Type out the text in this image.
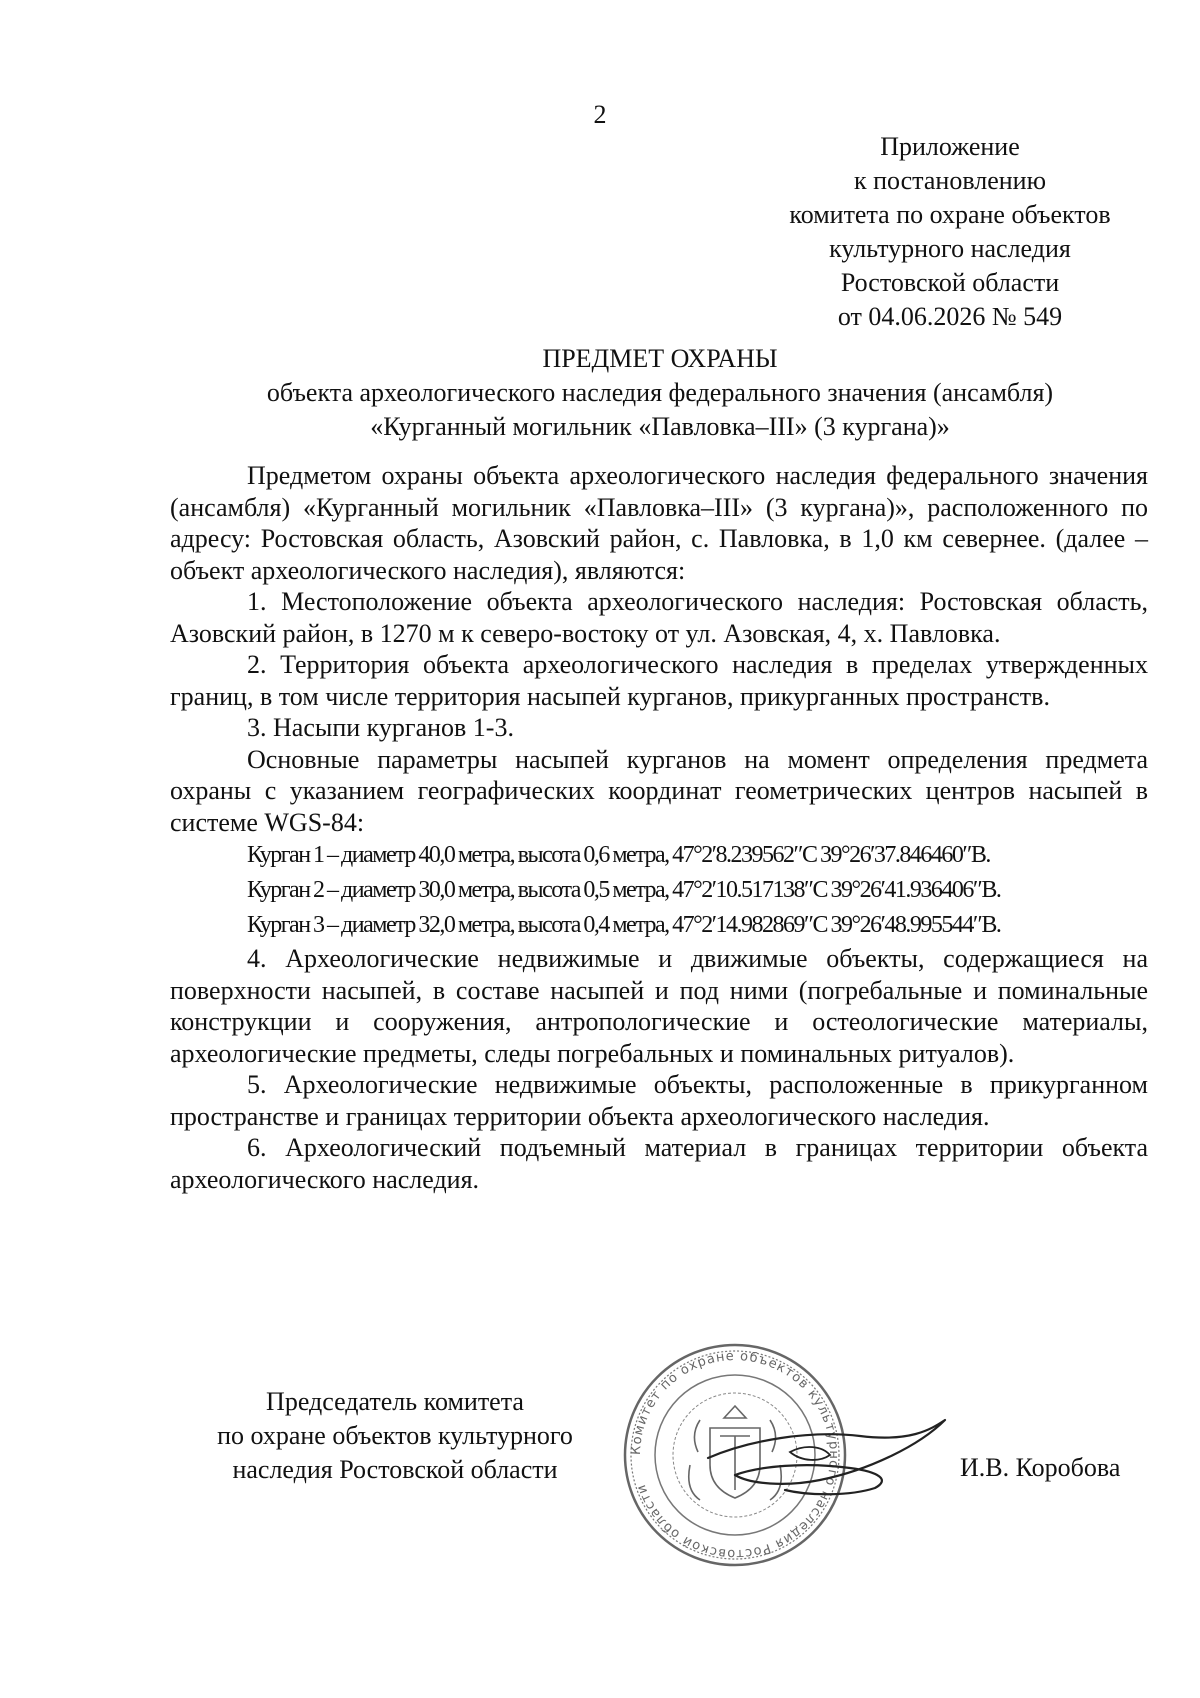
2
Приложение
к постановлению
комитета по охране объектов
культурного наследия
Ростовской области
от 04.06.2026 № 549
ПРЕДМЕТ ОХРАНЫ
объекта археологического наследия федерального значения (ансамбля)
«Курганный могильник «Павловка–III» (3 кургана)»

Предметом охраны объекта археологического наследия федерального значения (ансамбля) «Курганный могильник «Павловка–III» (3 кургана)», расположенного по адресу: Ростовская область, Азовский район, с. Павловка, в 1,0 км севернее. (далее – объект археологического наследия), являются:

1. Местоположение объекта археологического наследия: Ростовская область, Азовский район, в 1270 м к северо-востоку от ул. Азовская, 4, х. Павловка.

2. Территория объекта археологического наследия в пределах утвержденных границ, в том числе территория насыпей курганов, прикурганных пространств.

3. Насыпи курганов 1-3.

Основные параметры насыпей курганов на момент определения предмета охраны с указанием географических координат геометрических центров насыпей в системе WGS-84:

Курган 1 – диаметр 40,0 метра, высота 0,6 метра, 47°2′8.239562″С 39°26′37.846460″В.

Курган 2 – диаметр 30,0 метра, высота 0,5 метра, 47°2′10.517138″С 39°26′41.936406″В.

Курган 3 – диаметр 32,0 метра, высота 0,4 метра, 47°2′14.982869″С 39°26′48.995544″В.

4. Археологические недвижимые и движимые объекты, содержащиеся на поверхности насыпей, в составе насыпей и под ними (погребальные и поминальные конструкции и сооружения, антропологические и остеологические материалы, археологические предметы, следы погребальных и поминальных ритуалов).

5. Археологические недвижимые объекты, расположенные в прикурганном пространстве и границах территории объекта археологического наследия.

6. Археологический подъемный материал в границах территории объекта археологического наследия.

Председатель комитета
по охране объектов культурного
наследия Ростовской области
Комитет по охране объектов культурного наследия Ростовской области
И.В. Коробова
